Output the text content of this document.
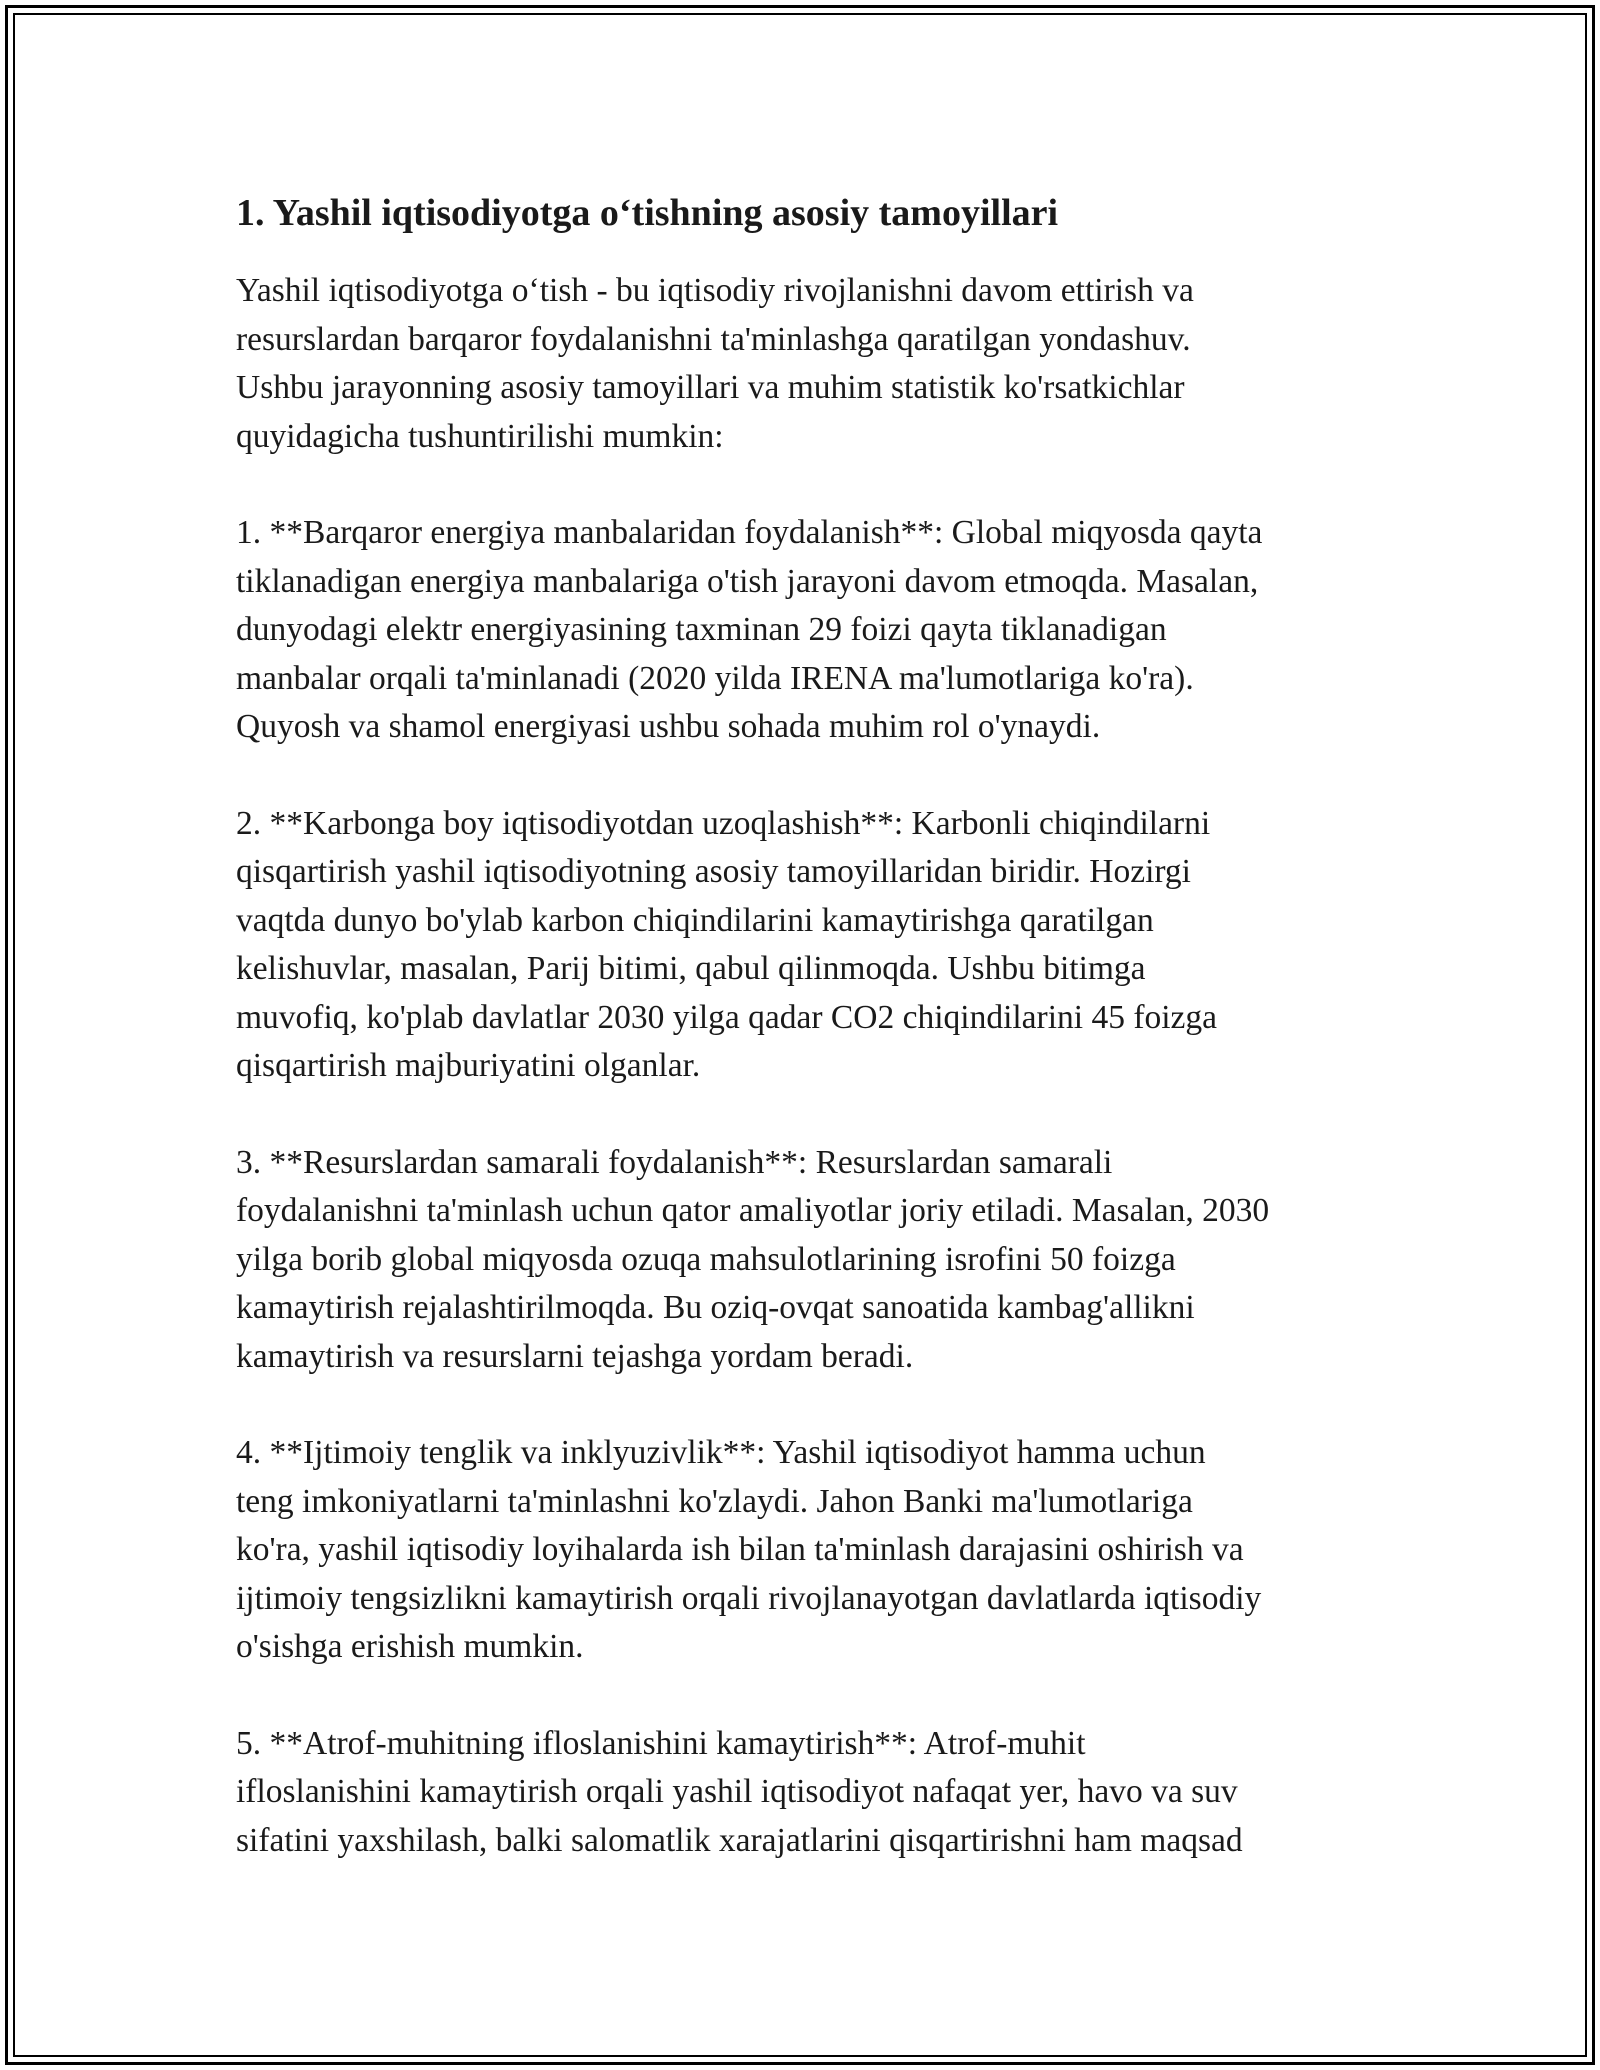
1. Yashil iqtisodiyotga o‘tishning asosiy tamoyillari

Yashil iqtisodiyotga o‘tish - bu iqtisodiy rivojlanishni davom ettirish va
resurslardan barqaror foydalanishni ta'minlashga qaratilgan yondashuv.
Ushbu jarayonning asosiy tamoyillari va muhim statistik ko'rsatkichlar
quyidagicha tushuntirilishi mumkin:

1. **Barqaror energiya manbalaridan foydalanish**: Global miqyosda qayta
tiklanadigan energiya manbalariga o'tish jarayoni davom etmoqda. Masalan,
dunyodagi elektr energiyasining taxminan 29 foizi qayta tiklanadigan
manbalar orqali ta'minlanadi (2020 yilda IRENA ma'lumotlariga ko'ra).
Quyosh va shamol energiyasi ushbu sohada muhim rol o'ynaydi.

2. **Karbonga boy iqtisodiyotdan uzoqlashish**: Karbonli chiqindilarni
qisqartirish yashil iqtisodiyotning asosiy tamoyillaridan biridir. Hozirgi
vaqtda dunyo bo'ylab karbon chiqindilarini kamaytirishga qaratilgan
kelishuvlar, masalan, Parij bitimi, qabul qilinmoqda. Ushbu bitimga
muvofiq, ko'plab davlatlar 2030 yilga qadar CO2 chiqindilarini 45 foizga
qisqartirish majburiyatini olganlar.

3. **Resurslardan samarali foydalanish**: Resurslardan samarali
foydalanishni ta'minlash uchun qator amaliyotlar joriy etiladi. Masalan, 2030
yilga borib global miqyosda ozuqa mahsulotlarining isrofini 50 foizga
kamaytirish rejalashtirilmoqda. Bu oziq-ovqat sanoatida kambag'allikni
kamaytirish va resurslarni tejashga yordam beradi.

4. **Ijtimoiy tenglik va inklyuzivlik**: Yashil iqtisodiyot hamma uchun
teng imkoniyatlarni ta'minlashni ko'zlaydi. Jahon Banki ma'lumotlariga
ko'ra, yashil iqtisodiy loyihalarda ish bilan ta'minlash darajasini oshirish va
ijtimoiy tengsizlikni kamaytirish orqali rivojlanayotgan davlatlarda iqtisodiy
o'sishga erishish mumkin.

5. **Atrof-muhitning ifloslanishini kamaytirish**: Atrof-muhit
ifloslanishini kamaytirish orqali yashil iqtisodiyot nafaqat yer, havo va suv
sifatini yaxshilash, balki salomatlik xarajatlarini qisqartirishni ham maqsad
